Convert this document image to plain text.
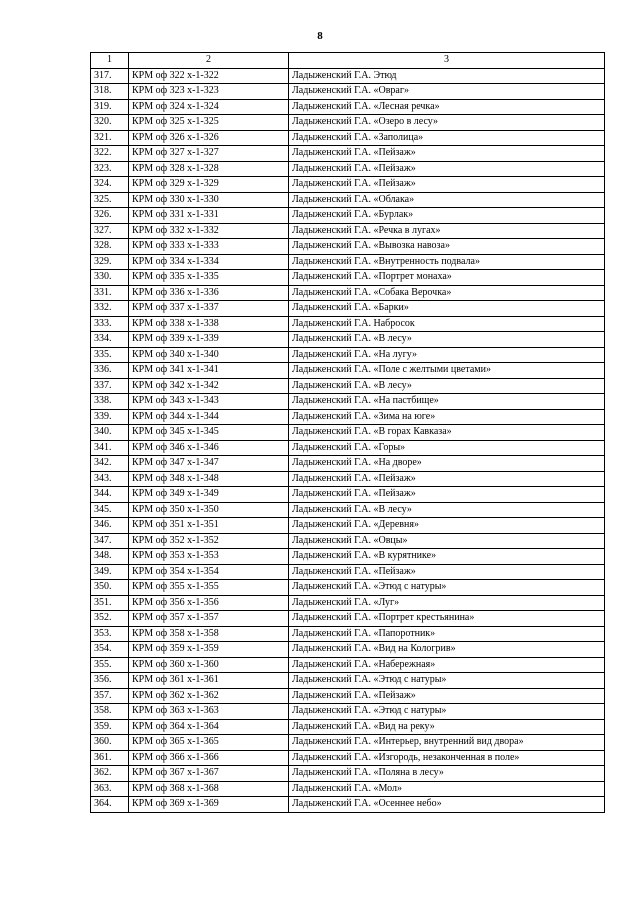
8
1	2	3
317.	КРМ оф 322 х-1-322	Ладыженский Г.А. Этюд
318.	КРМ оф 323 х-1-323	Ладыженский Г.А. «Овраг»
319.	КРМ оф 324 х-1-324	Ладыженский Г.А. «Лесная речка»
320.	КРМ оф 325 х-1-325	Ладыженский Г.А. «Озеро в лесу»
321.	КРМ оф 326 х-1-326	Ладыженский Г.А. «Заполица»
322.	КРМ оф 327 х-1-327	Ладыженский Г.А. «Пейзаж»
323.	КРМ оф 328 х-1-328	Ладыженский Г.А. «Пейзаж»
324.	КРМ оф 329 х-1-329	Ладыженский Г.А. «Пейзаж»
325.	КРМ оф 330 х-1-330	Ладыженский Г.А. «Облака»
326.	КРМ оф 331 х-1-331	Ладыженский Г.А. «Бурлак»
327.	КРМ оф 332 х-1-332	Ладыженский Г.А. «Речка в лугах»
328.	КРМ оф 333 х-1-333	Ладыженский Г.А. «Вывозка навоза»
329.	КРМ оф 334 х-1-334	Ладыженский Г.А. «Внутренность подвала»
330.	КРМ оф 335 х-1-335	Ладыженский Г.А. «Портрет монаха»
331.	КРМ оф 336 х-1-336	Ладыженский Г.А. «Собака Верочка»
332.	КРМ оф 337 х-1-337	Ладыженский Г.А. «Барки»
333.	КРМ оф 338 х-1-338	Ладыженский Г.А. Набросок
334.	КРМ оф 339 х-1-339	Ладыженский Г.А. «В лесу»
335.	КРМ оф 340 х-1-340	Ладыженский Г.А. «На лугу»
336.	КРМ оф 341 х-1-341	Ладыженский Г.А. «Поле с желтыми цветами»
337.	КРМ оф 342 х-1-342	Ладыженский Г.А. «В лесу»
338.	КРМ оф 343 х-1-343	Ладыженский Г.А. «На пастбище»
339.	КРМ оф 344 х-1-344	Ладыженский Г.А. «Зима на юге»
340.	КРМ оф 345 х-1-345	Ладыженский Г.А. «В горах Кавказа»
341.	КРМ оф 346 х-1-346	Ладыженский Г.А. «Горы»
342.	КРМ оф 347 х-1-347	Ладыженский Г.А. «На дворе»
343.	КРМ оф 348 х-1-348	Ладыженский Г.А. «Пейзаж»
344.	КРМ оф 349 х-1-349	Ладыженский Г.А. «Пейзаж»
345.	КРМ оф 350 х-1-350	Ладыженский Г.А. «В лесу»
346.	КРМ оф 351 х-1-351	Ладыженский Г.А. «Деревня»
347.	КРМ оф 352 х-1-352	Ладыженский Г.А. «Овцы»
348.	КРМ оф 353 х-1-353	Ладыженский Г.А. «В курятнике»
349.	КРМ оф 354 х-1-354	Ладыженский Г.А. «Пейзаж»
350.	КРМ оф 355 х-1-355	Ладыженский Г.А. «Этюд с натуры»
351.	КРМ оф 356 х-1-356	Ладыженский Г.А. «Луг»
352.	КРМ оф 357 х-1-357	Ладыженский Г.А. «Портрет крестьянина»
353.	КРМ оф 358 х-1-358	Ладыженский Г.А. «Папоротник»
354.	КРМ оф 359 х-1-359	Ладыженский Г.А. «Вид на Кологрив»
355.	КРМ оф 360 х-1-360	Ладыженский Г.А. «Набережная»
356.	КРМ оф 361 х-1-361	Ладыженский Г.А. «Этюд с натуры»
357.	КРМ оф 362 х-1-362	Ладыженский Г.А. «Пейзаж»
358.	КРМ оф 363 х-1-363	Ладыженский Г.А. «Этюд с натуры»
359.	КРМ оф 364 х-1-364	Ладыженский Г.А. «Вид на реку»
360.	КРМ оф 365 х-1-365	Ладыженский Г.А. «Интерьер, внутренний вид двора»
361.	КРМ оф 366 х-1-366	Ладыженский Г.А. «Изгородь, незаконченная в поле»
362.	КРМ оф 367 х-1-367	Ладыженский Г.А. «Поляна в лесу»
363.	КРМ оф 368 х-1-368	Ладыженский Г.А. «Мол»
364.	КРМ оф 369 х-1-369	Ладыженский Г.А. «Осеннее небо»
